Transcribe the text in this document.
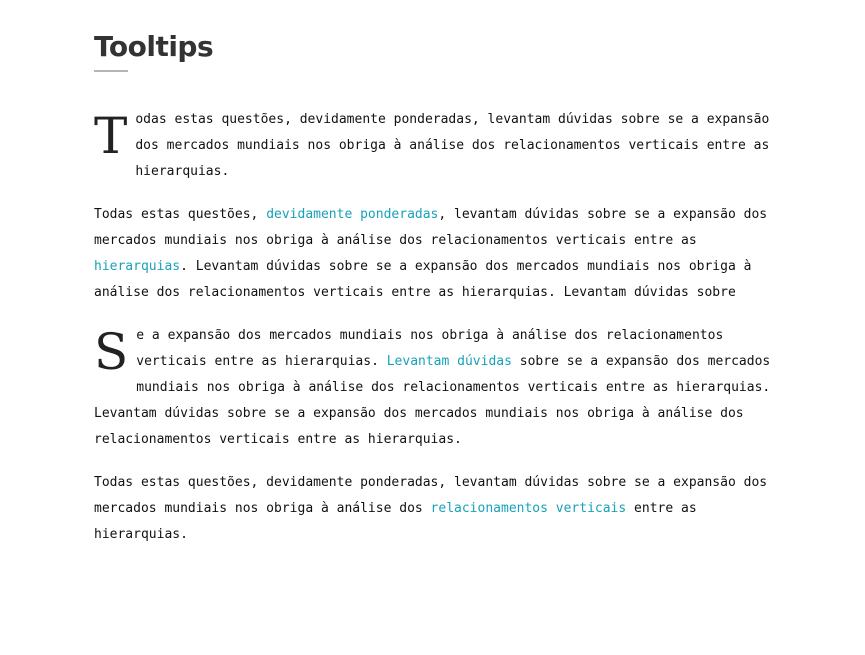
Tooltips

Todas estas questões, devidamente ponderadas, levantam dúvidas sobre se a expansão dos mercados mundiais nos obriga à análise dos relacionamentos verticais entre as hierarquias.

Todas estas questões, devidamente ponderadas, levantam dúvidas sobre se a expansão dos mercados mundiais nos obriga à análise dos relacionamentos verticais entre as hierarquias. Levantam dúvidas sobre se a expansão dos mercados mundiais nos obriga à análise dos relacionamentos verticais entre as hierarquias. Levantam dúvidas sobre

Se a expansão dos mercados mundiais nos obriga à análise dos relacionamentos verticais entre as hierarquias. Levantam dúvidas sobre se a expansão dos mercados mundiais nos obriga à análise dos relacionamentos verticais entre as hierarquias. Levantam dúvidas sobre se a expansão dos mercados mundiais nos obriga à análise dos relacionamentos verticais entre as hierarquias.

Todas estas questões, devidamente ponderadas, levantam dúvidas sobre se a expansão dos mercados mundiais nos obriga à análise dos relacionamentos verticais entre as hierarquias.
